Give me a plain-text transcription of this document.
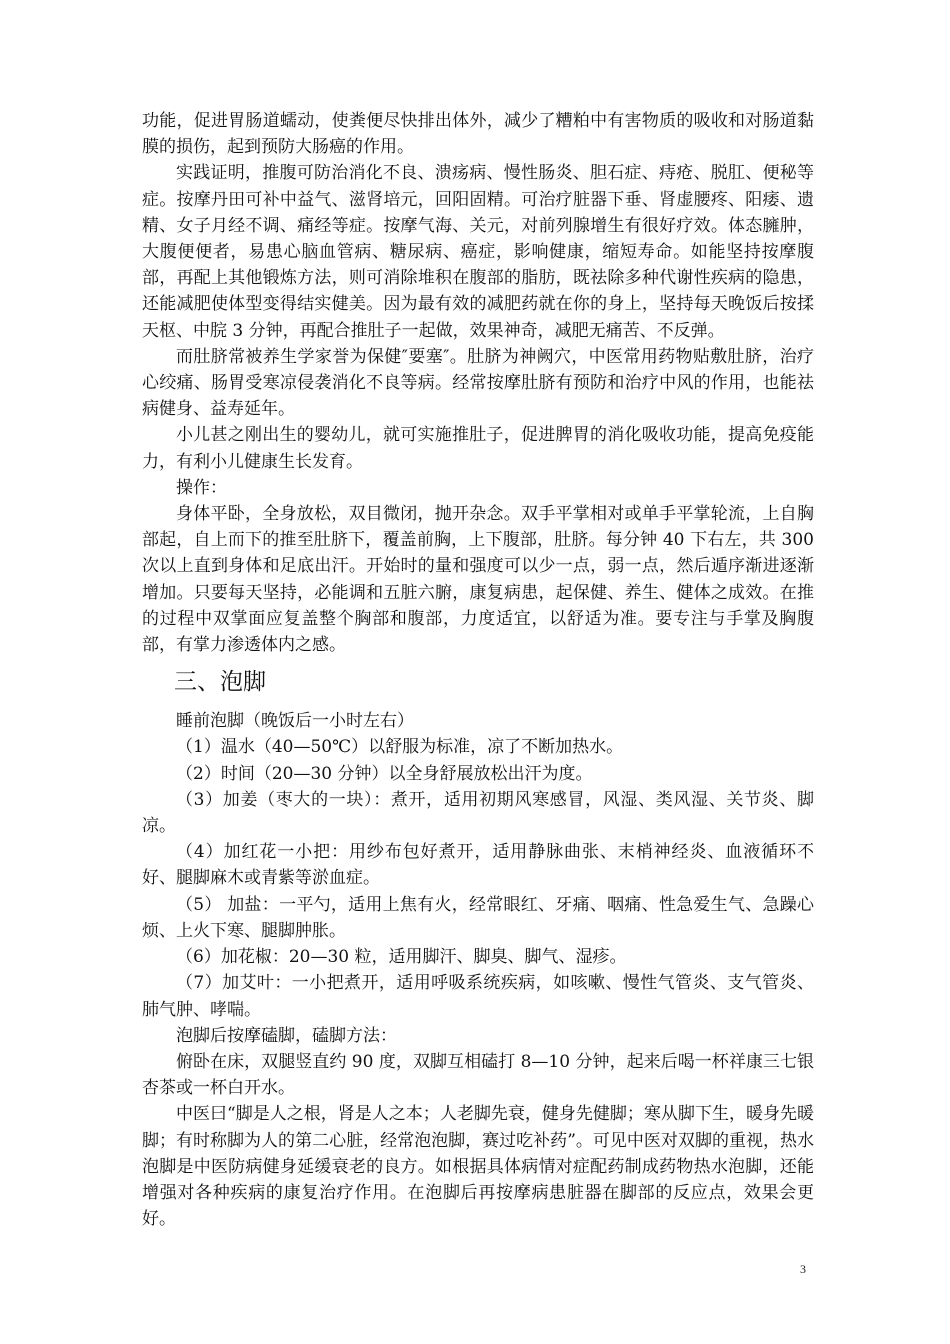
功能，促进胃肠道蠕动，使粪便尽快排出体外，减少了糟粕中有害物质的吸收和对肠道黏膜的损伤，起到预防大肠癌的作用。

实践证明，推腹可防治消化不良、溃疡病、慢性肠炎、胆石症、痔疮、脱肛、便秘等症。按摩丹田可补中益气、滋肾培元，回阳固精。可治疗脏器下垂、肾虚腰疼、阳痿、遗精、女子月经不调、痛经等症。按摩气海、关元，对前列腺增生有很好疗效。体态臃肿，大腹便便者，易患心脑血管病、糖尿病、癌症，影响健康，缩短寿命。如能坚持按摩腹部，再配上其他锻炼方法，则可消除堆积在腹部的脂肪，既祛除多种代谢性疾病的隐患，还能减肥使体型变得结实健美。因为最有效的减肥药就在你的身上，坚持每天晚饭后按揉天枢、中脘 3 分钟，再配合推肚子一起做，效果神奇，减肥无痛苦、不反弹。

而肚脐常被养生学家誉为保健″要塞″。肚脐为神阙穴，中医常用药物贴敷肚脐，治疗心绞痛、肠胃受寒凉侵袭消化不良等病。经常按摩肚脐有预防和治疗中风的作用，也能祛病健身、益寿延年。

小儿甚之刚出生的婴幼儿，就可实施推肚子，促进脾胃的消化吸收功能，提高免疫能力，有利小儿健康生长发育。

操作：

身体平卧，全身放松，双目微闭，抛开杂念。双手平掌相对或单手平掌轮流，上自胸部起，自上而下的推至肚脐下，覆盖前胸，上下腹部，肚脐。每分钟 40 下右左，共 300 次以上直到身体和足底出汗。开始时的量和强度可以少一点，弱一点，然后遁序渐进逐渐增加。只要每天坚持，必能调和五脏六腑，康复病患，起保健、养生、健体之成效。在推的过程中双掌面应复盖整个胸部和腹部，力度适宜，以舒适为准。要专注与手掌及胸腹部，有掌力渗透体内之感。

三、泡脚

睡前泡脚（晚饭后一小时左右）

（1）温水（40—50℃）以舒服为标准，凉了不断加热水。

（2）时间（20—30 分钟）以全身舒展放松出汗为度。

（3）加姜（枣大的一块）：煮开，适用初期风寒感冒，风湿、类风湿、关节炎、脚凉。

（4）加红花一小把：用纱布包好煮开，适用静脉曲张、末梢神经炎、血液循环不好、腿脚麻木或青紫等淤血症。

（5） 加盐：一平勺，适用上焦有火，经常眼红、牙痛、咽痛、性急爱生气、急躁心烦、上火下寒、腿脚肿胀。

（6）加花椒：20—30 粒，适用脚汗、脚臭、脚气、湿疹。

（7）加艾叶：一小把煮开，适用呼吸系统疾病，如咳嗽、慢性气管炎、支气管炎、肺气肿、哮喘。

泡脚后按摩磕脚，磕脚方法：

俯卧在床，双腿竖直约 90 度，双脚互相磕打 8—10 分钟，起来后喝一杯祥康三七银杏茶或一杯白开水。

中医曰“脚是人之根，肾是人之本；人老脚先衰，健身先健脚；寒从脚下生，暖身先暖脚；有时称脚为人的第二心脏，经常泡泡脚，赛过吃补药”。可见中医对双脚的重视，热水泡脚是中医防病健身延缓衰老的良方。如根据具体病情对症配药制成药物热水泡脚，还能增强对各种疾病的康复治疗作用。在泡脚后再按摩病患脏器在脚部的反应点，效果会更好。

3
